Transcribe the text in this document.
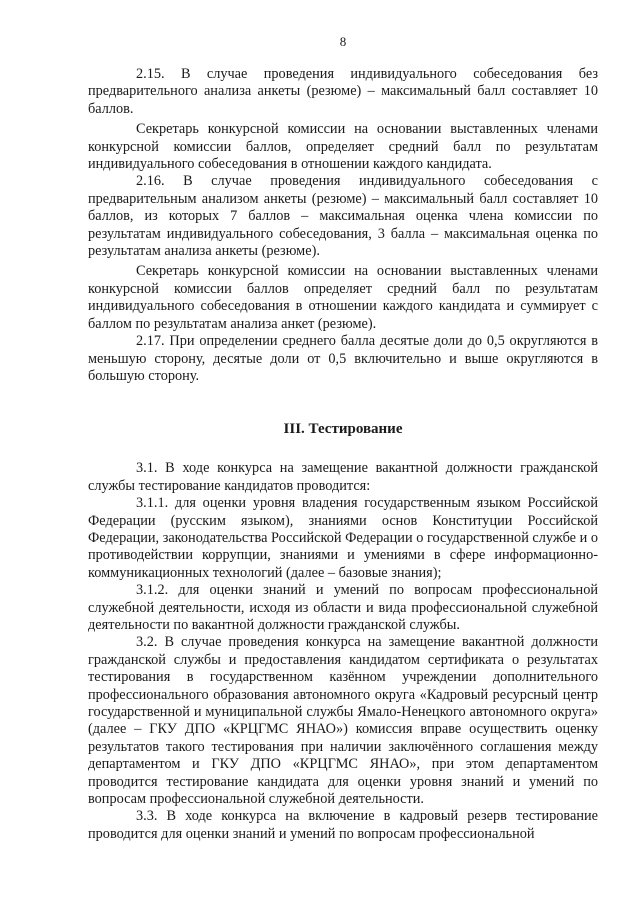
8

2.15. В случае проведения индивидуального собеседования без предварительного анализа анкеты (резюме) – максимальный балл составляет 10 баллов.

Секретарь конкурсной комиссии на основании выставленных членами конкурсной комиссии баллов, определяет средний балл по результатам индивидуального собеседования в отношении каждого кандидата.

2.16. В случае проведения индивидуального собеседования с предварительным анализом анкеты (резюме) – максимальный балл составляет 10 баллов, из которых 7 баллов – максимальная оценка члена комиссии по результатам индивидуального собеседования, 3 балла – максимальная оценка по результатам анализа анкеты (резюме).

Секретарь конкурсной комиссии на основании выставленных членами конкурсной комиссии баллов определяет средний балл по результатам индивидуального собеседования в отношении каждого кандидата и суммирует с баллом по результатам анализа анкет (резюме).

2.17. При определении среднего балла десятые доли до 0,5 округляются в меньшую сторону, десятые доли от 0,5 включительно и выше округляются в большую сторону.

III. Тестирование

3.1. В ходе конкурса на замещение вакантной должности гражданской службы тестирование кандидатов проводится:

3.1.1. для оценки уровня владения государственным языком Российской Федерации (русским языком), знаниями основ Конституции Российской Федерации, законодательства Российской Федерации о государственной службе и о противодействии коррупции, знаниями и умениями в сфере информационно-коммуникационных технологий (далее – базовые знания);

3.1.2. для оценки знаний и умений по вопросам профессиональной служебной деятельности, исходя из области и вида профессиональной служебной деятельности по вакантной должности гражданской службы.

3.2. В случае проведения конкурса на замещение вакантной должности гражданской службы и предоставления кандидатом сертификата о результатах тестирования в государственном казённом учреждении дополнительного профессионального образования автономного округа «Кадровый ресурсный центр государственной и муниципальной службы Ямало-Ненецкого автономного округа» (далее – ГКУ ДПО «КРЦГМС ЯНАО») комиссия вправе осуществить оценку результатов такого тестирования при наличии заключённого соглашения между департаментом и ГКУ ДПО «КРЦГМС ЯНАО», при этом департаментом проводится тестирование кандидата для оценки уровня знаний и умений по вопросам профессиональной служебной деятельности.

3.3. В ходе конкурса на включение в кадровый резерв тестирование проводится для оценки знаний и умений по вопросам профессиональной
